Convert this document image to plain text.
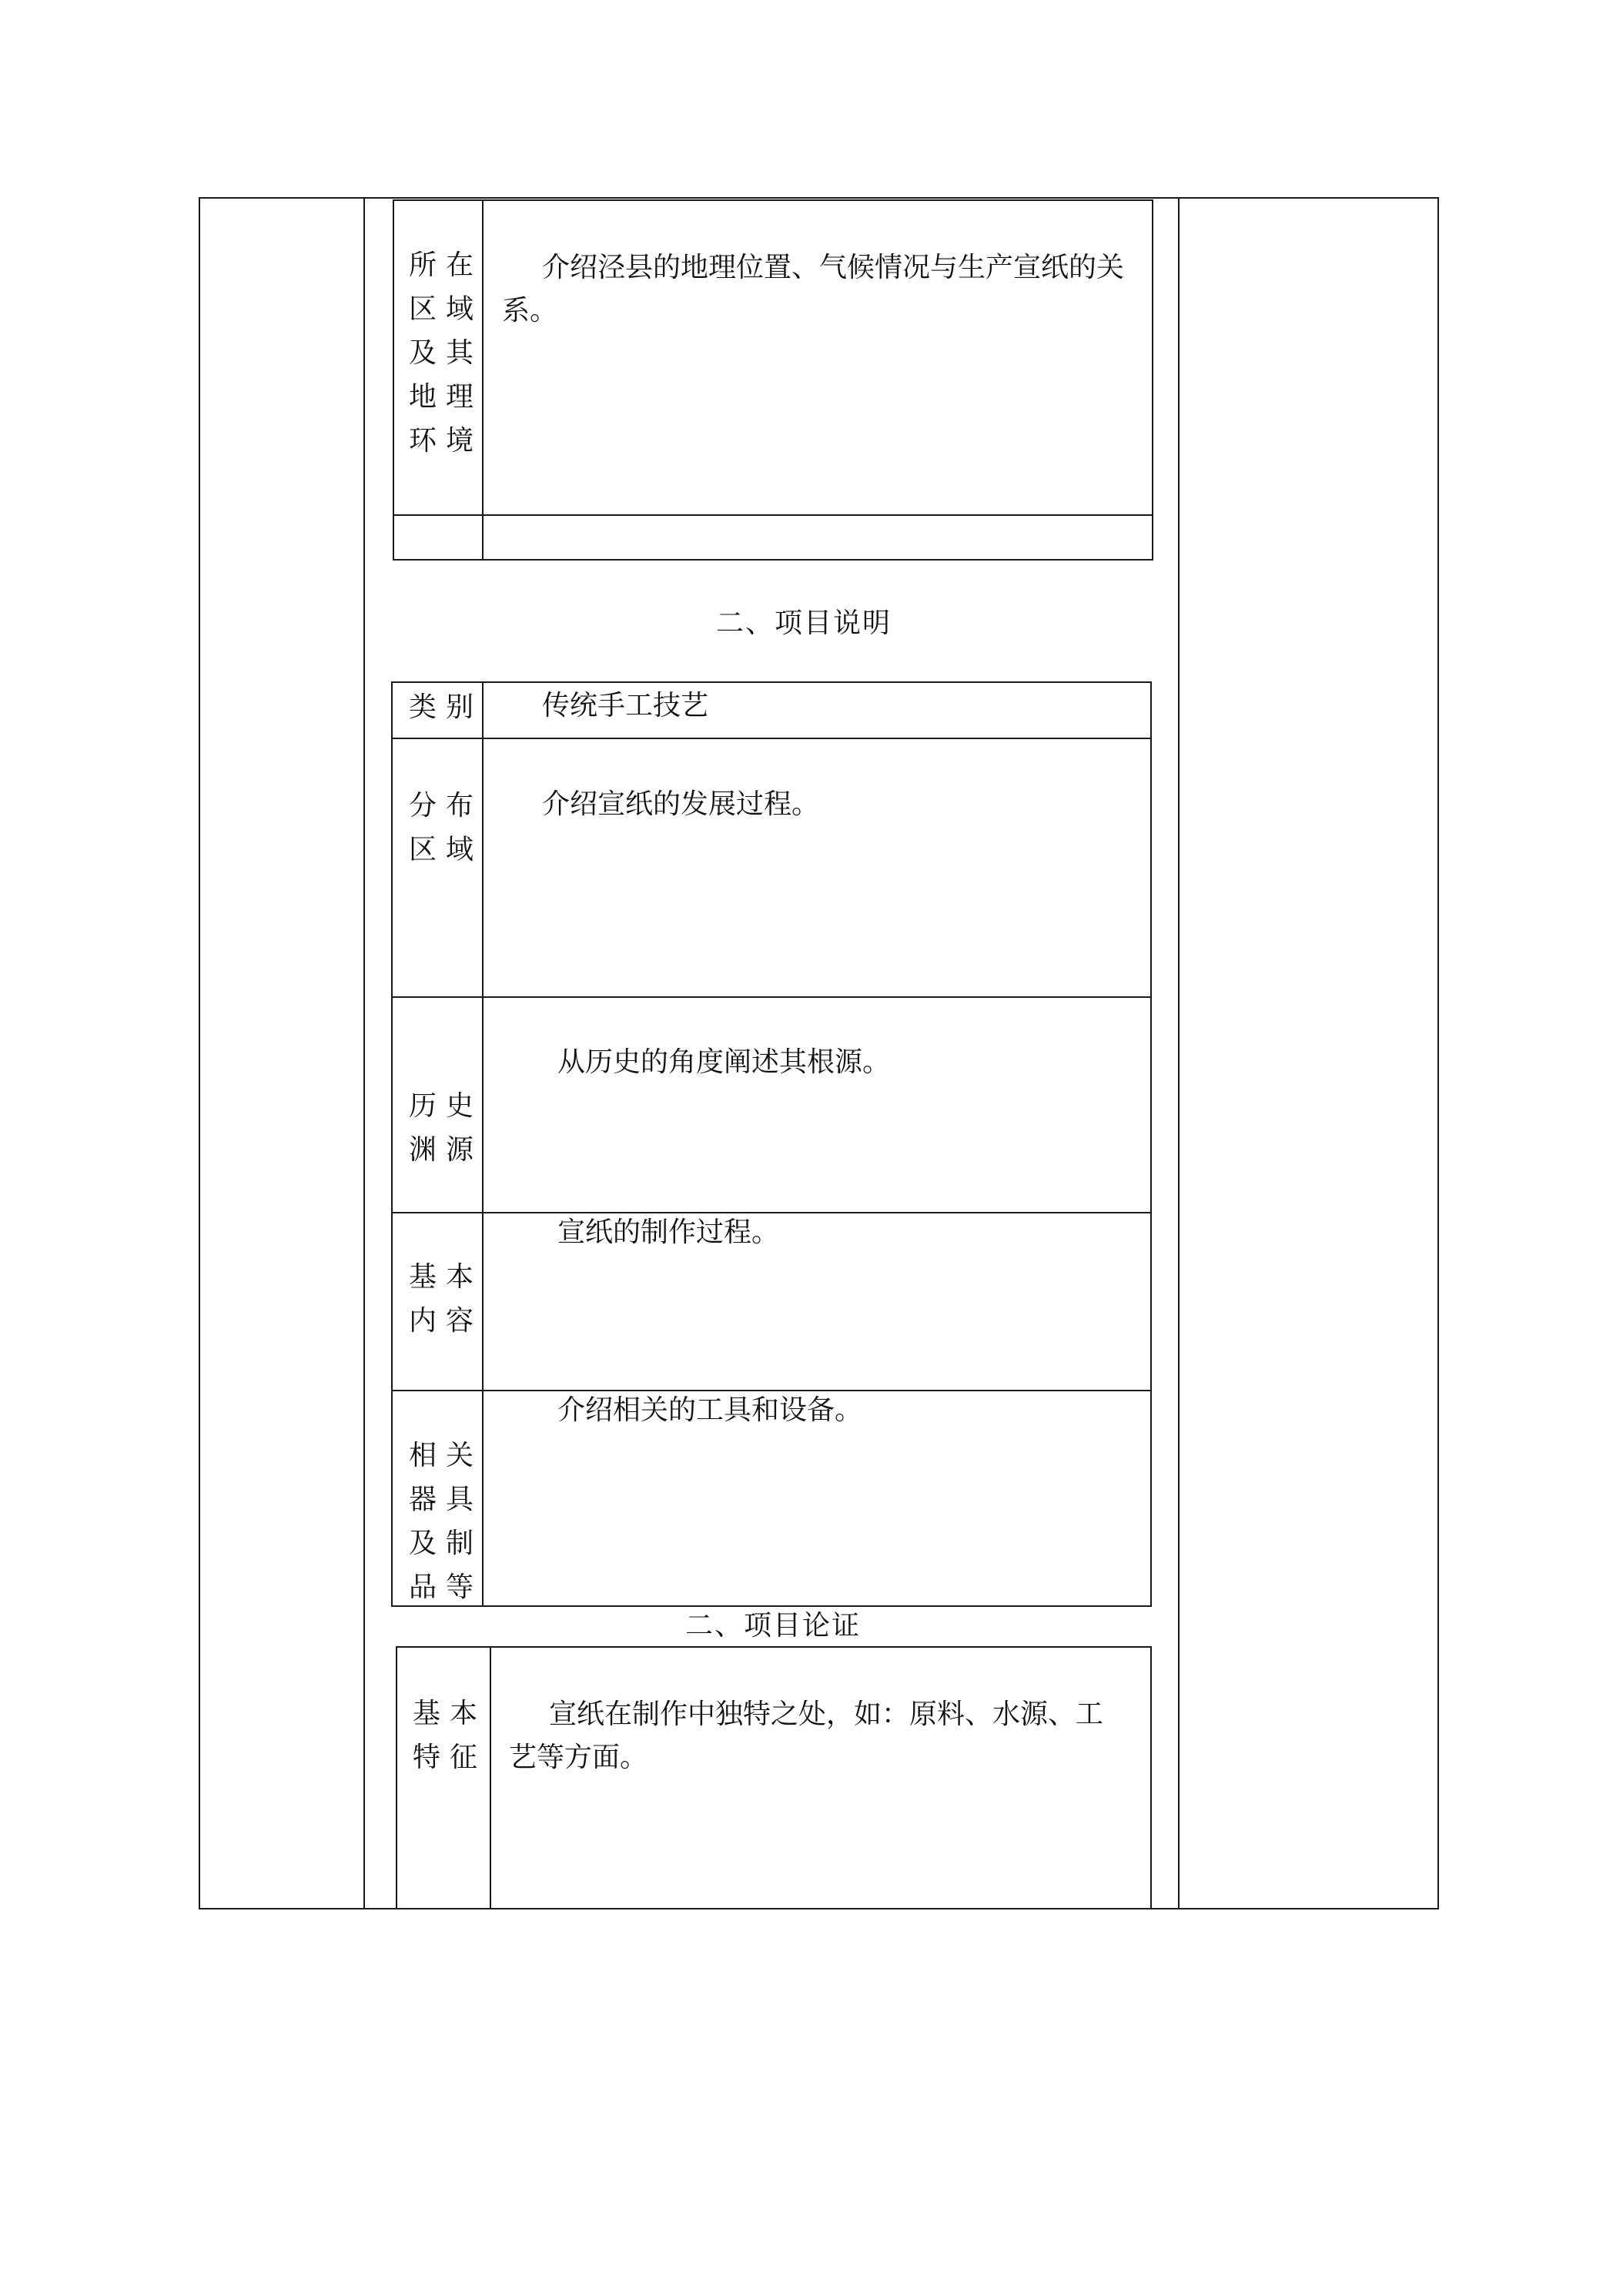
所在
区域
及其
地理
环境
介绍泾县的地理位置、气候情况与生产宣纸的关
系。
二、项目说明
类别 传统手工技艺
分布
区域
介绍宣纸的发展过程。
历史
渊源
从历史的角度阐述其根源。
基本
内容
宣纸的制作过程。
相关
器具
及制
品等
介绍相关的工具和设备。
二、项目论证
基本
特征
宣纸在制作中独特之处，如：原料、水源、工
艺等方面。
